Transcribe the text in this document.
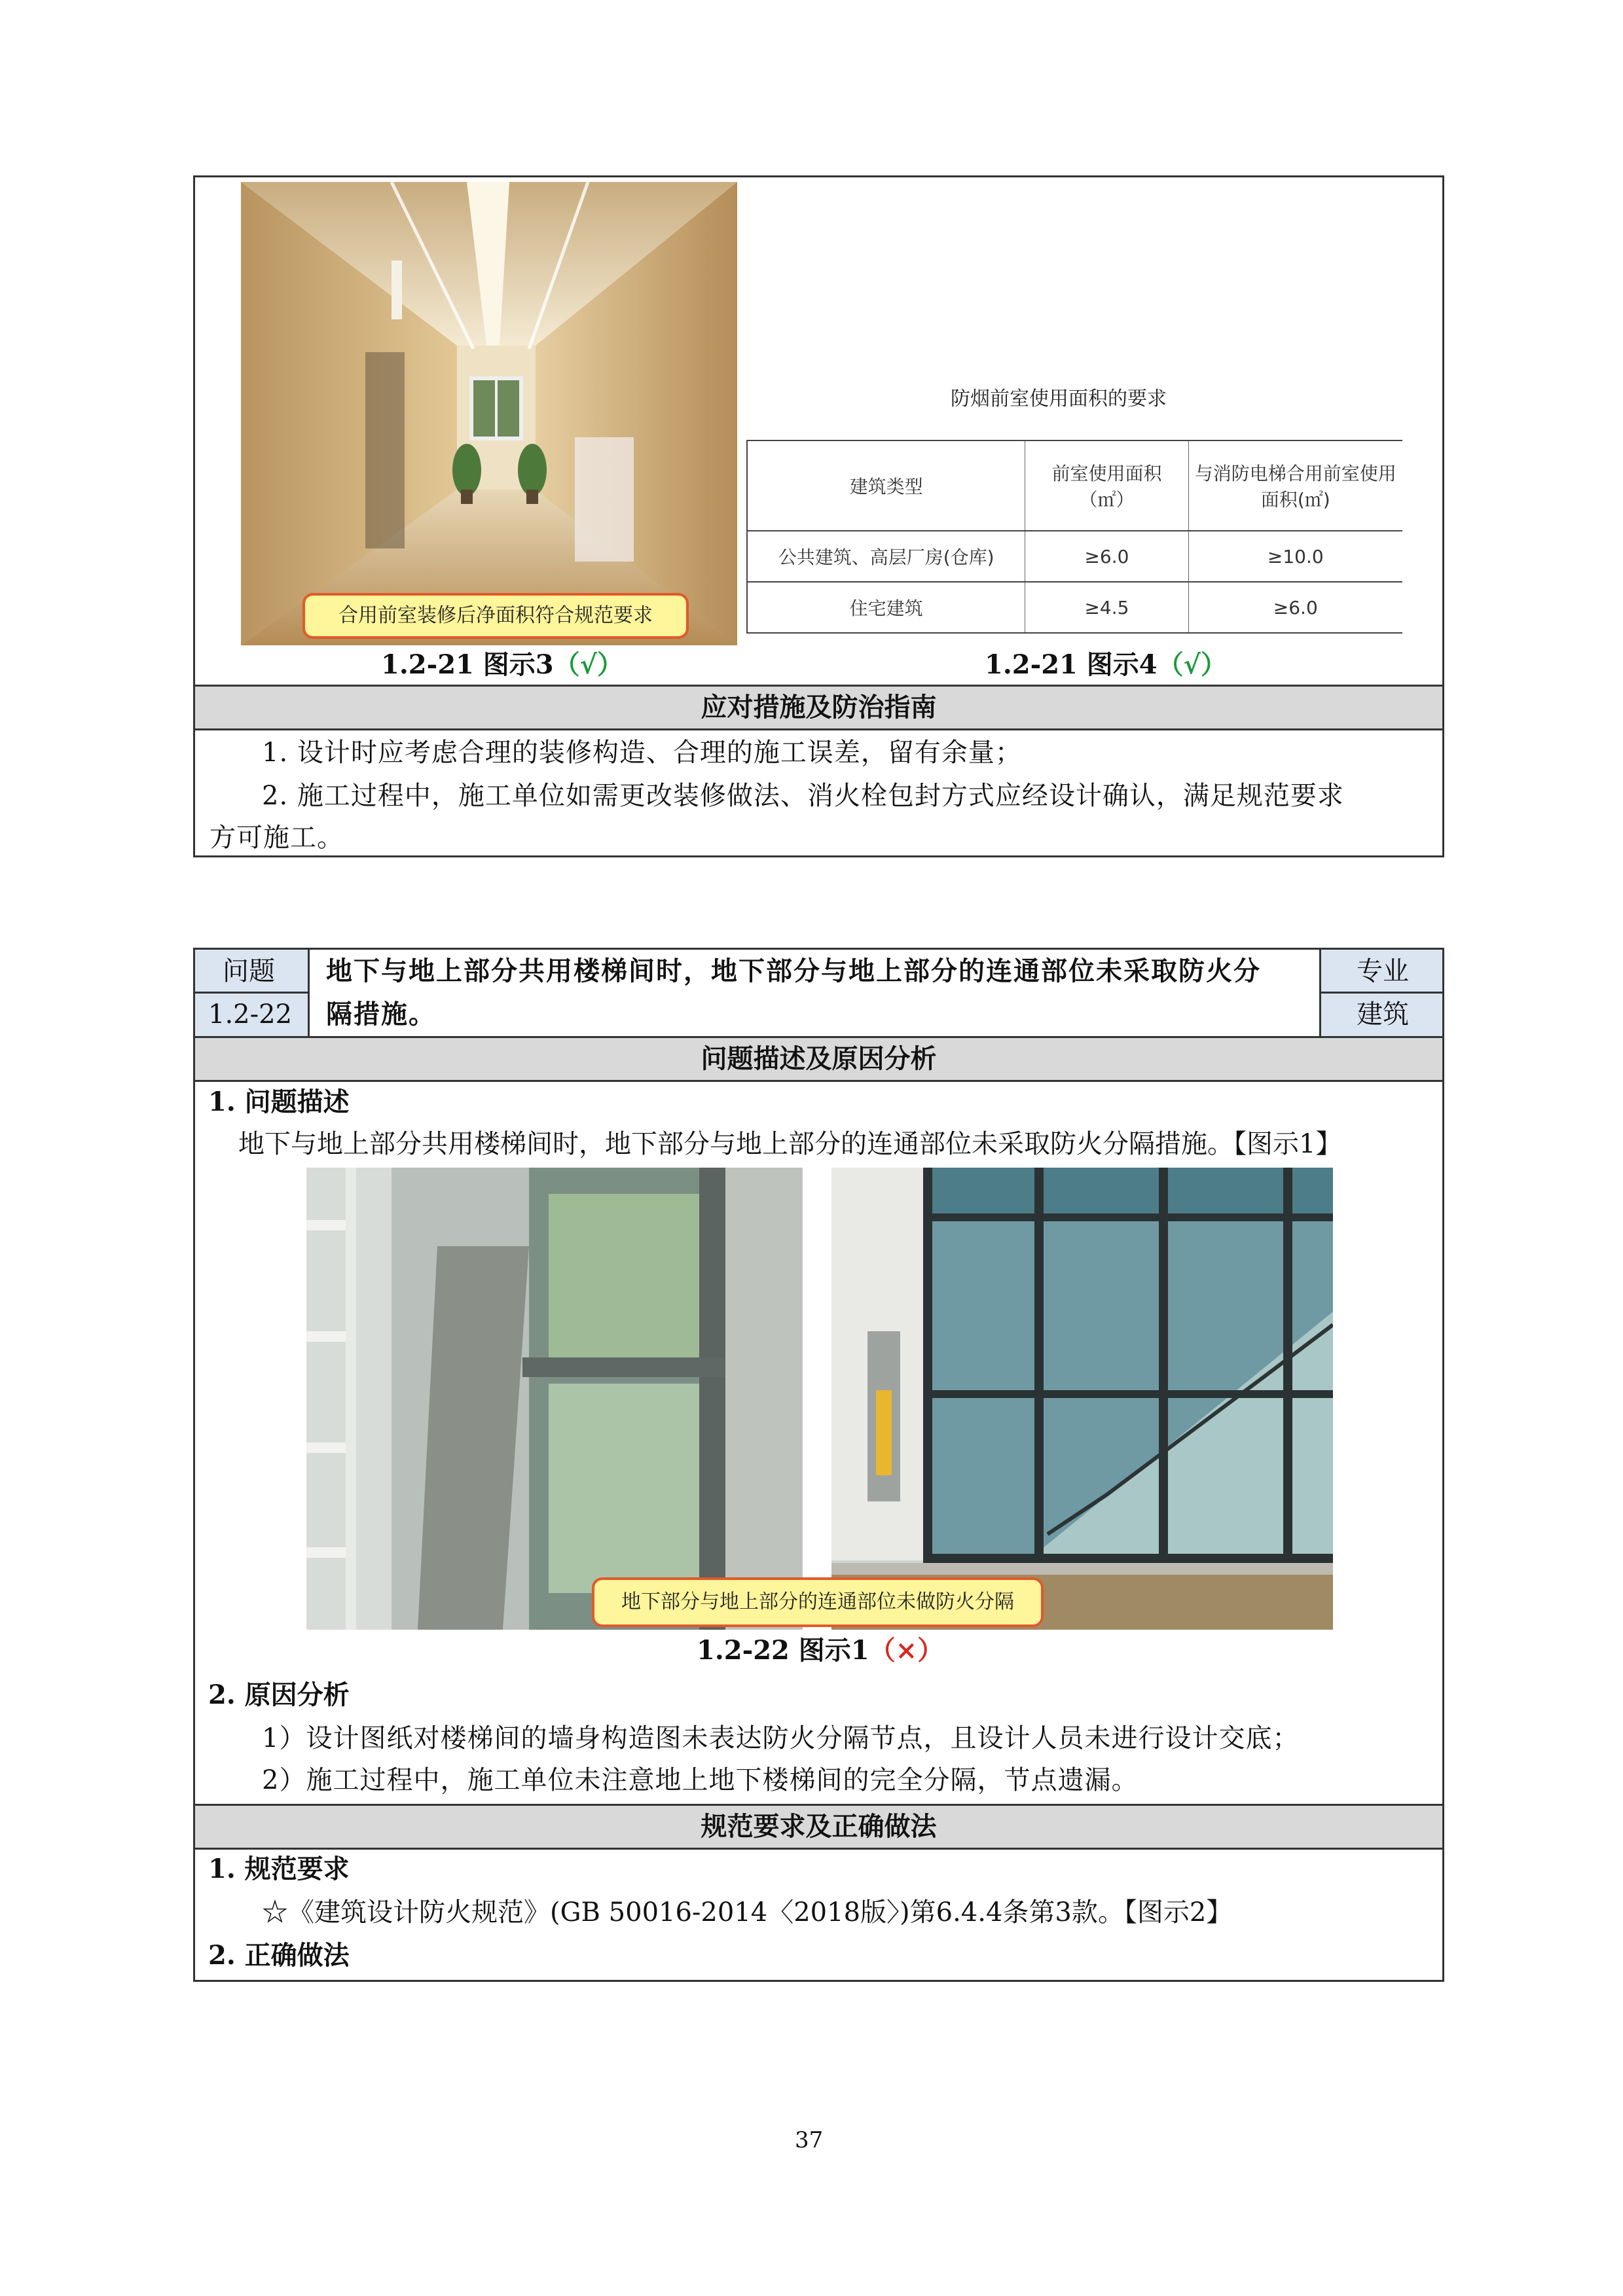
合用前室装修后净面积符合规范要求
防烟前室使用面积的要求
建筑类型	前室使用面积（㎡）	与消防电梯合用前室使用面积(㎡)
公共建筑、高层厂房(仓库)	≥6.0	≥10.0
住宅建筑	≥4.5	≥6.0
1.2-21 图示3（√）	1.2-21 图示4（√）
应对措施及防治指南
1. 设计时应考虑合理的装修构造、合理的施工误差，留有余量；
2. 施工过程中，施工单位如需更改装修做法、消火栓包封方式应经设计确认，满足规范要求
方可施工。
问题
1.2-22
地下与地上部分共用楼梯间时，地下部分与地上部分的连通部位未采取防火分
隔措施。
专业
建筑
问题描述及原因分析
1. 问题描述
地下与地上部分共用楼梯间时，地下部分与地上部分的连通部位未采取防火分隔措施。【图示1】
地下部分与地上部分的连通部位未做防火分隔
1.2-22 图示1（×）
2. 原因分析
1）设计图纸对楼梯间的墙身构造图未表达防火分隔节点，且设计人员未进行设计交底；
2）施工过程中，施工单位未注意地上地下楼梯间的完全分隔，节点遗漏。
规范要求及正确做法
1. 规范要求
☆《建筑设计防火规范》(GB 50016-2014〈2018版〉)第6.4.4条第3款。【图示2】
2. 正确做法
37
